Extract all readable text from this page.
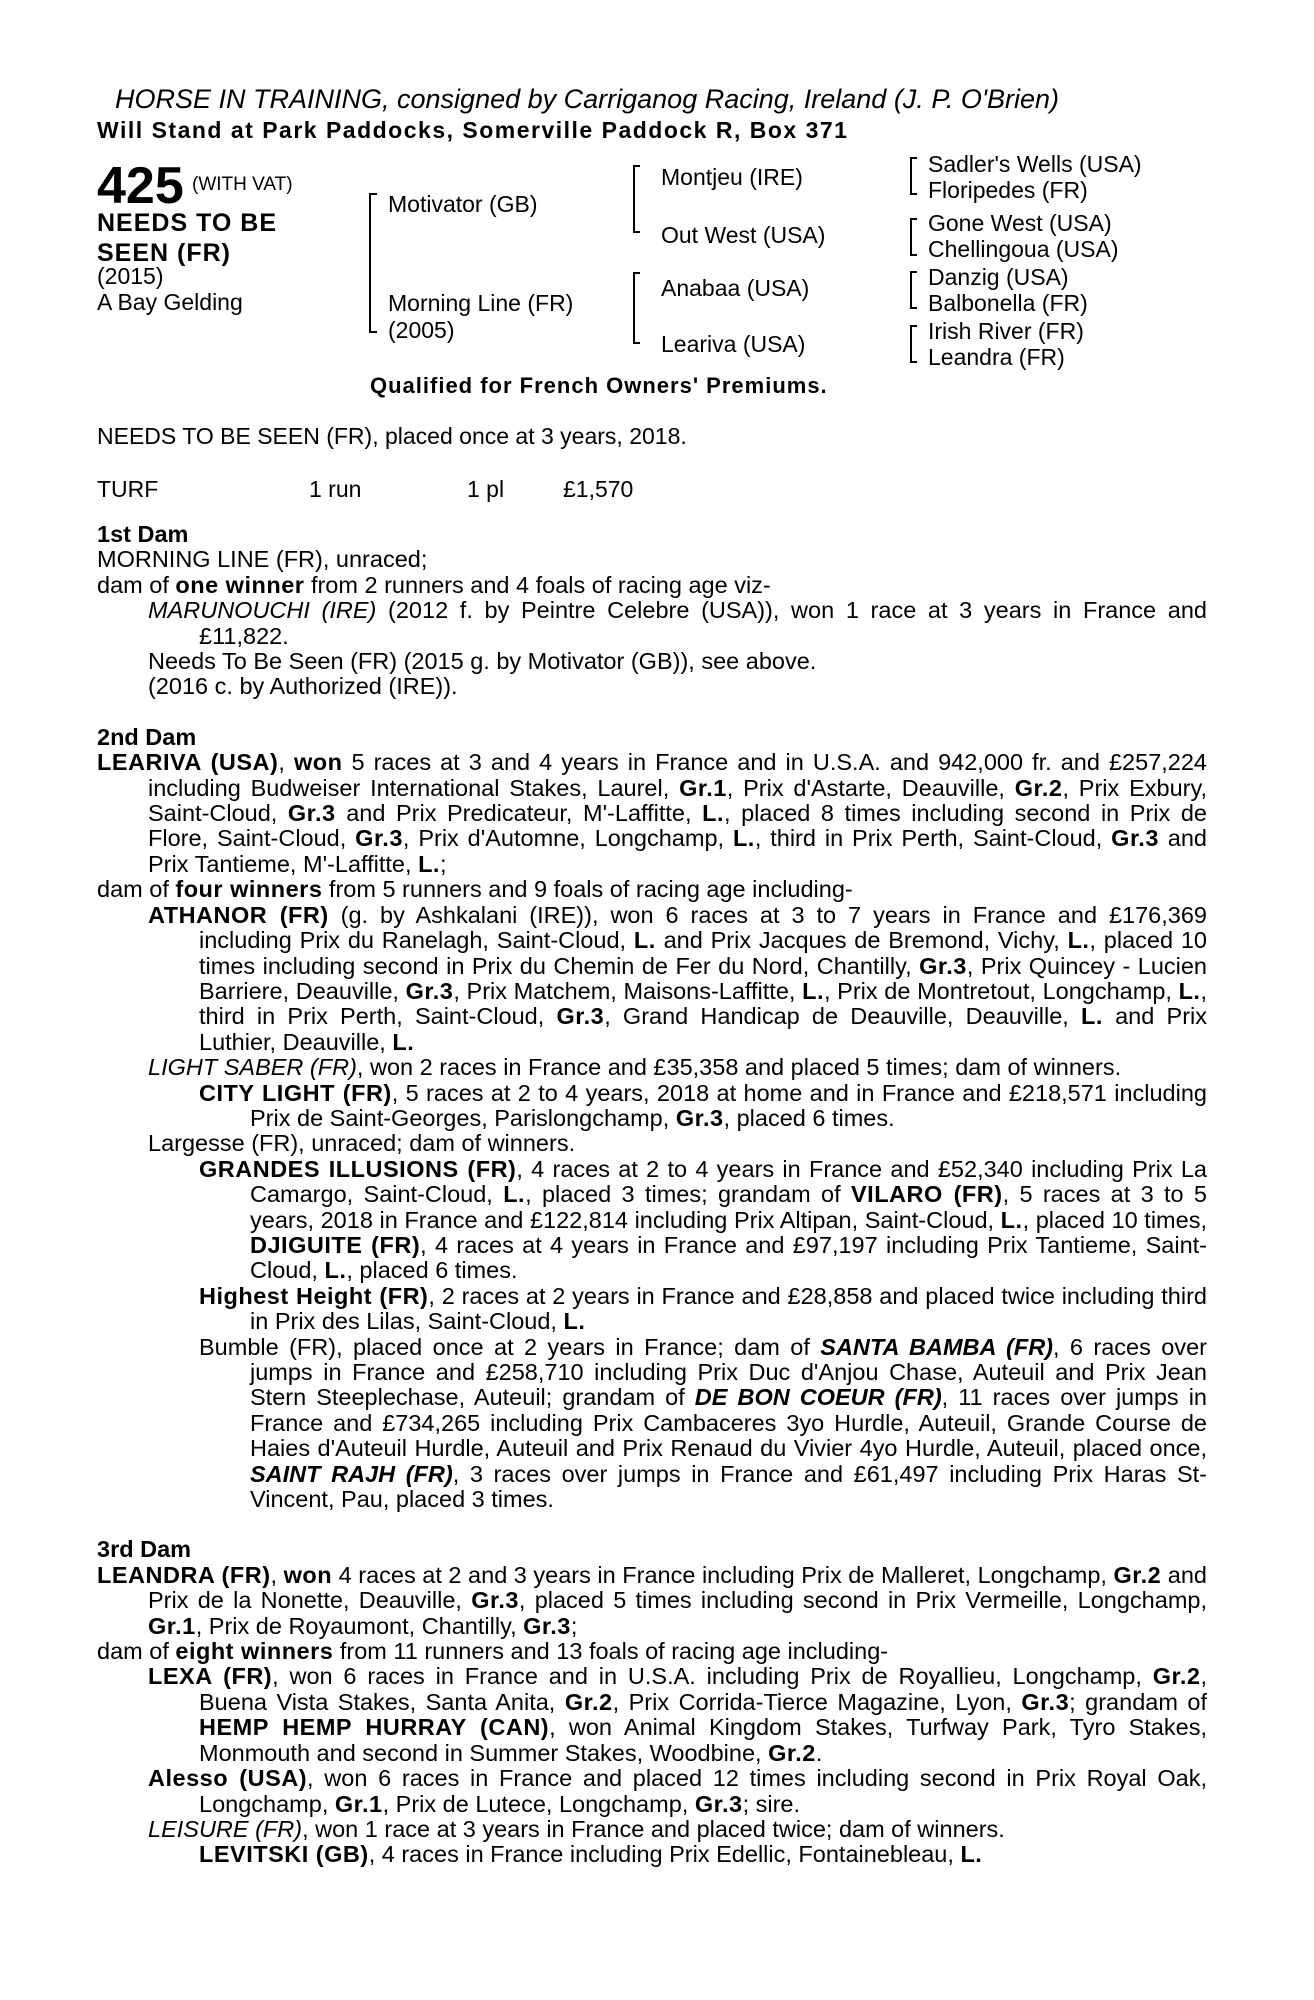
HORSE IN TRAINING, consigned by Carriganog Racing, Ireland (J. P. O'Brien)
Will Stand at Park Paddocks, Somerville Paddock R, Box 371
425 (WITH VAT)
NEEDS TO BE
SEEN (FR)
(2015)
A Bay Gelding
Motivator (GB)
Morning Line (FR)
(2005)
Montjeu (IRE)
Out West (USA)
Anabaa (USA)
Leariva (USA)
Sadler's Wells (USA)
Floripedes (FR)
Gone West (USA)
Chellingoua (USA)
Danzig (USA)
Balbonella (FR)
Irish River (FR)
Leandra (FR)
Qualified for French Owners' Premiums.
NEEDS TO BE SEEN (FR), placed once at 3 years, 2018.
TURF	1 run	1 pl	£1,570

1st Dam

MORNING LINE (FR), unraced;

dam of one winner from 2 runners and 4 foals of racing age viz-

MARUNOUCHI (IRE) (2012 f. by Peintre Celebre (USA)), won 1 race at 3 years in France and £11,822.

Needs To Be Seen (FR) (2015 g. by Motivator (GB)), see above.

(2016 c. by Authorized (IRE)).

2nd Dam

LEARIVA (USA), won 5 races at 3 and 4 years in France and in U.S.A. and 942,000 fr. and £257,224 including Budweiser International Stakes, Laurel, Gr.1, Prix d'Astarte, Deauville, Gr.2, Prix Exbury, Saint-Cloud, Gr.3 and Prix Predicateur, M'-Laffitte, L., placed 8 times including second in Prix de Flore, Saint-Cloud, Gr.3, Prix d'Automne, Longchamp, L., third in Prix Perth, Saint-Cloud, Gr.3 and Prix Tantieme, M'-Laffitte, L.;

dam of four winners from 5 runners and 9 foals of racing age including-

ATHANOR (FR) (g. by Ashkalani (IRE)), won 6 races at 3 to 7 years in France and £176,369 including Prix du Ranelagh, Saint-Cloud, L. and Prix Jacques de Bremond, Vichy, L., placed 10 times including second in Prix du Chemin de Fer du Nord, Chantilly, Gr.3, Prix Quincey - Lucien Barriere, Deauville, Gr.3, Prix Matchem, Maisons-Laffitte, L., Prix de Montretout, Longchamp, L., third in Prix Perth, Saint-Cloud, Gr.3, Grand Handicap de Deauville, Deauville, L. and Prix Luthier, Deauville, L.

LIGHT SABER (FR), won 2 races in France and £35,358 and placed 5 times; dam of winners.

CITY LIGHT (FR), 5 races at 2 to 4 years, 2018 at home and in France and £218,571 including Prix de Saint-Georges, Parislongchamp, Gr.3, placed 6 times.

Largesse (FR), unraced; dam of winners.

GRANDES ILLUSIONS (FR), 4 races at 2 to 4 years in France and £52,340 including Prix La Camargo, Saint-Cloud, L., placed 3 times; grandam of VILARO (FR), 5 races at 3 to 5 years, 2018 in France and £122,814 including Prix Altipan, Saint-Cloud, L., placed 10 times, DJIGUITE (FR), 4 races at 4 years in France and £97,197 including Prix Tantieme, Saint-Cloud, L., placed 6 times.

Highest Height (FR), 2 races at 2 years in France and £28,858 and placed twice including third in Prix des Lilas, Saint-Cloud, L.

Bumble (FR), placed once at 2 years in France; dam of SANTA BAMBA (FR), 6 races over jumps in France and £258,710 including Prix Duc d'Anjou Chase, Auteuil and Prix Jean Stern Steeplechase, Auteuil; grandam of DE BON COEUR (FR), 11 races over jumps in France and £734,265 including Prix Cambaceres 3yo Hurdle, Auteuil, Grande Course de Haies d'Auteuil Hurdle, Auteuil and Prix Renaud du Vivier 4yo Hurdle, Auteuil, placed once, SAINT RAJH (FR), 3 races over jumps in France and £61,497 including Prix Haras St-Vincent, Pau, placed 3 times.

3rd Dam

LEANDRA (FR), won 4 races at 2 and 3 years in France including Prix de Malleret, Longchamp, Gr.2 and Prix de la Nonette, Deauville, Gr.3, placed 5 times including second in Prix Vermeille, Longchamp, Gr.1, Prix de Royaumont, Chantilly, Gr.3;

dam of eight winners from 11 runners and 13 foals of racing age including-

LEXA (FR), won 6 races in France and in U.S.A. including Prix de Royallieu, Longchamp, Gr.2, Buena Vista Stakes, Santa Anita, Gr.2, Prix Corrida-Tierce Magazine, Lyon, Gr.3; grandam of HEMP HEMP HURRAY (CAN), won Animal Kingdom Stakes, Turfway Park, Tyro Stakes, Monmouth and second in Summer Stakes, Woodbine, Gr.2.

Alesso (USA), won 6 races in France and placed 12 times including second in Prix Royal Oak, Longchamp, Gr.1, Prix de Lutece, Longchamp, Gr.3; sire.

LEISURE (FR), won 1 race at 3 years in France and placed twice; dam of winners.

LEVITSKI (GB), 4 races in France including Prix Edellic, Fontainebleau, L.
